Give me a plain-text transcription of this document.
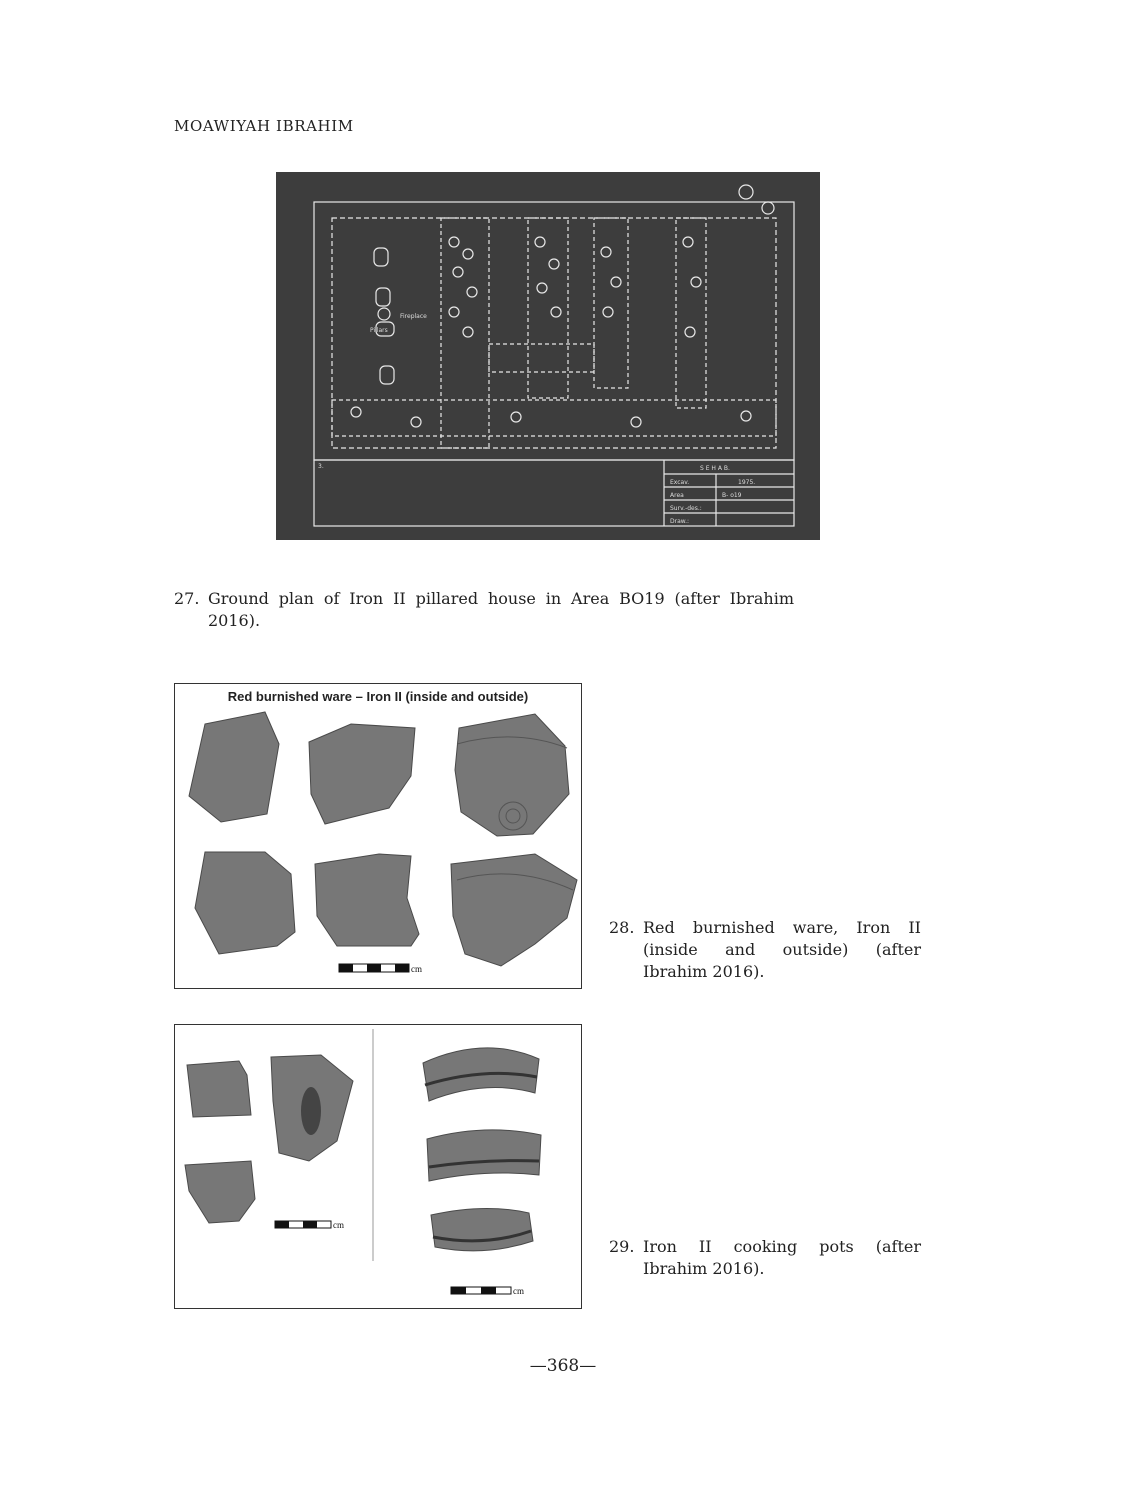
MOAWIYAH IBRAHIM
Fireplace
Pillars
S E H A B.
Excav.	1975.
Area	B- o19
Surv.-des.:
Draw.:
3.
27. Ground plan of Iron II pillared house in Area BO19 (after Ibrahim 2016).
Red burnished ware – Iron II (inside and outside)
cm
28. Red burnished ware, Iron II (inside and outside) (after Ibrahim 2016).
cm
cm
29. Iron II cooking pots (after Ibrahim 2016).
—368—
